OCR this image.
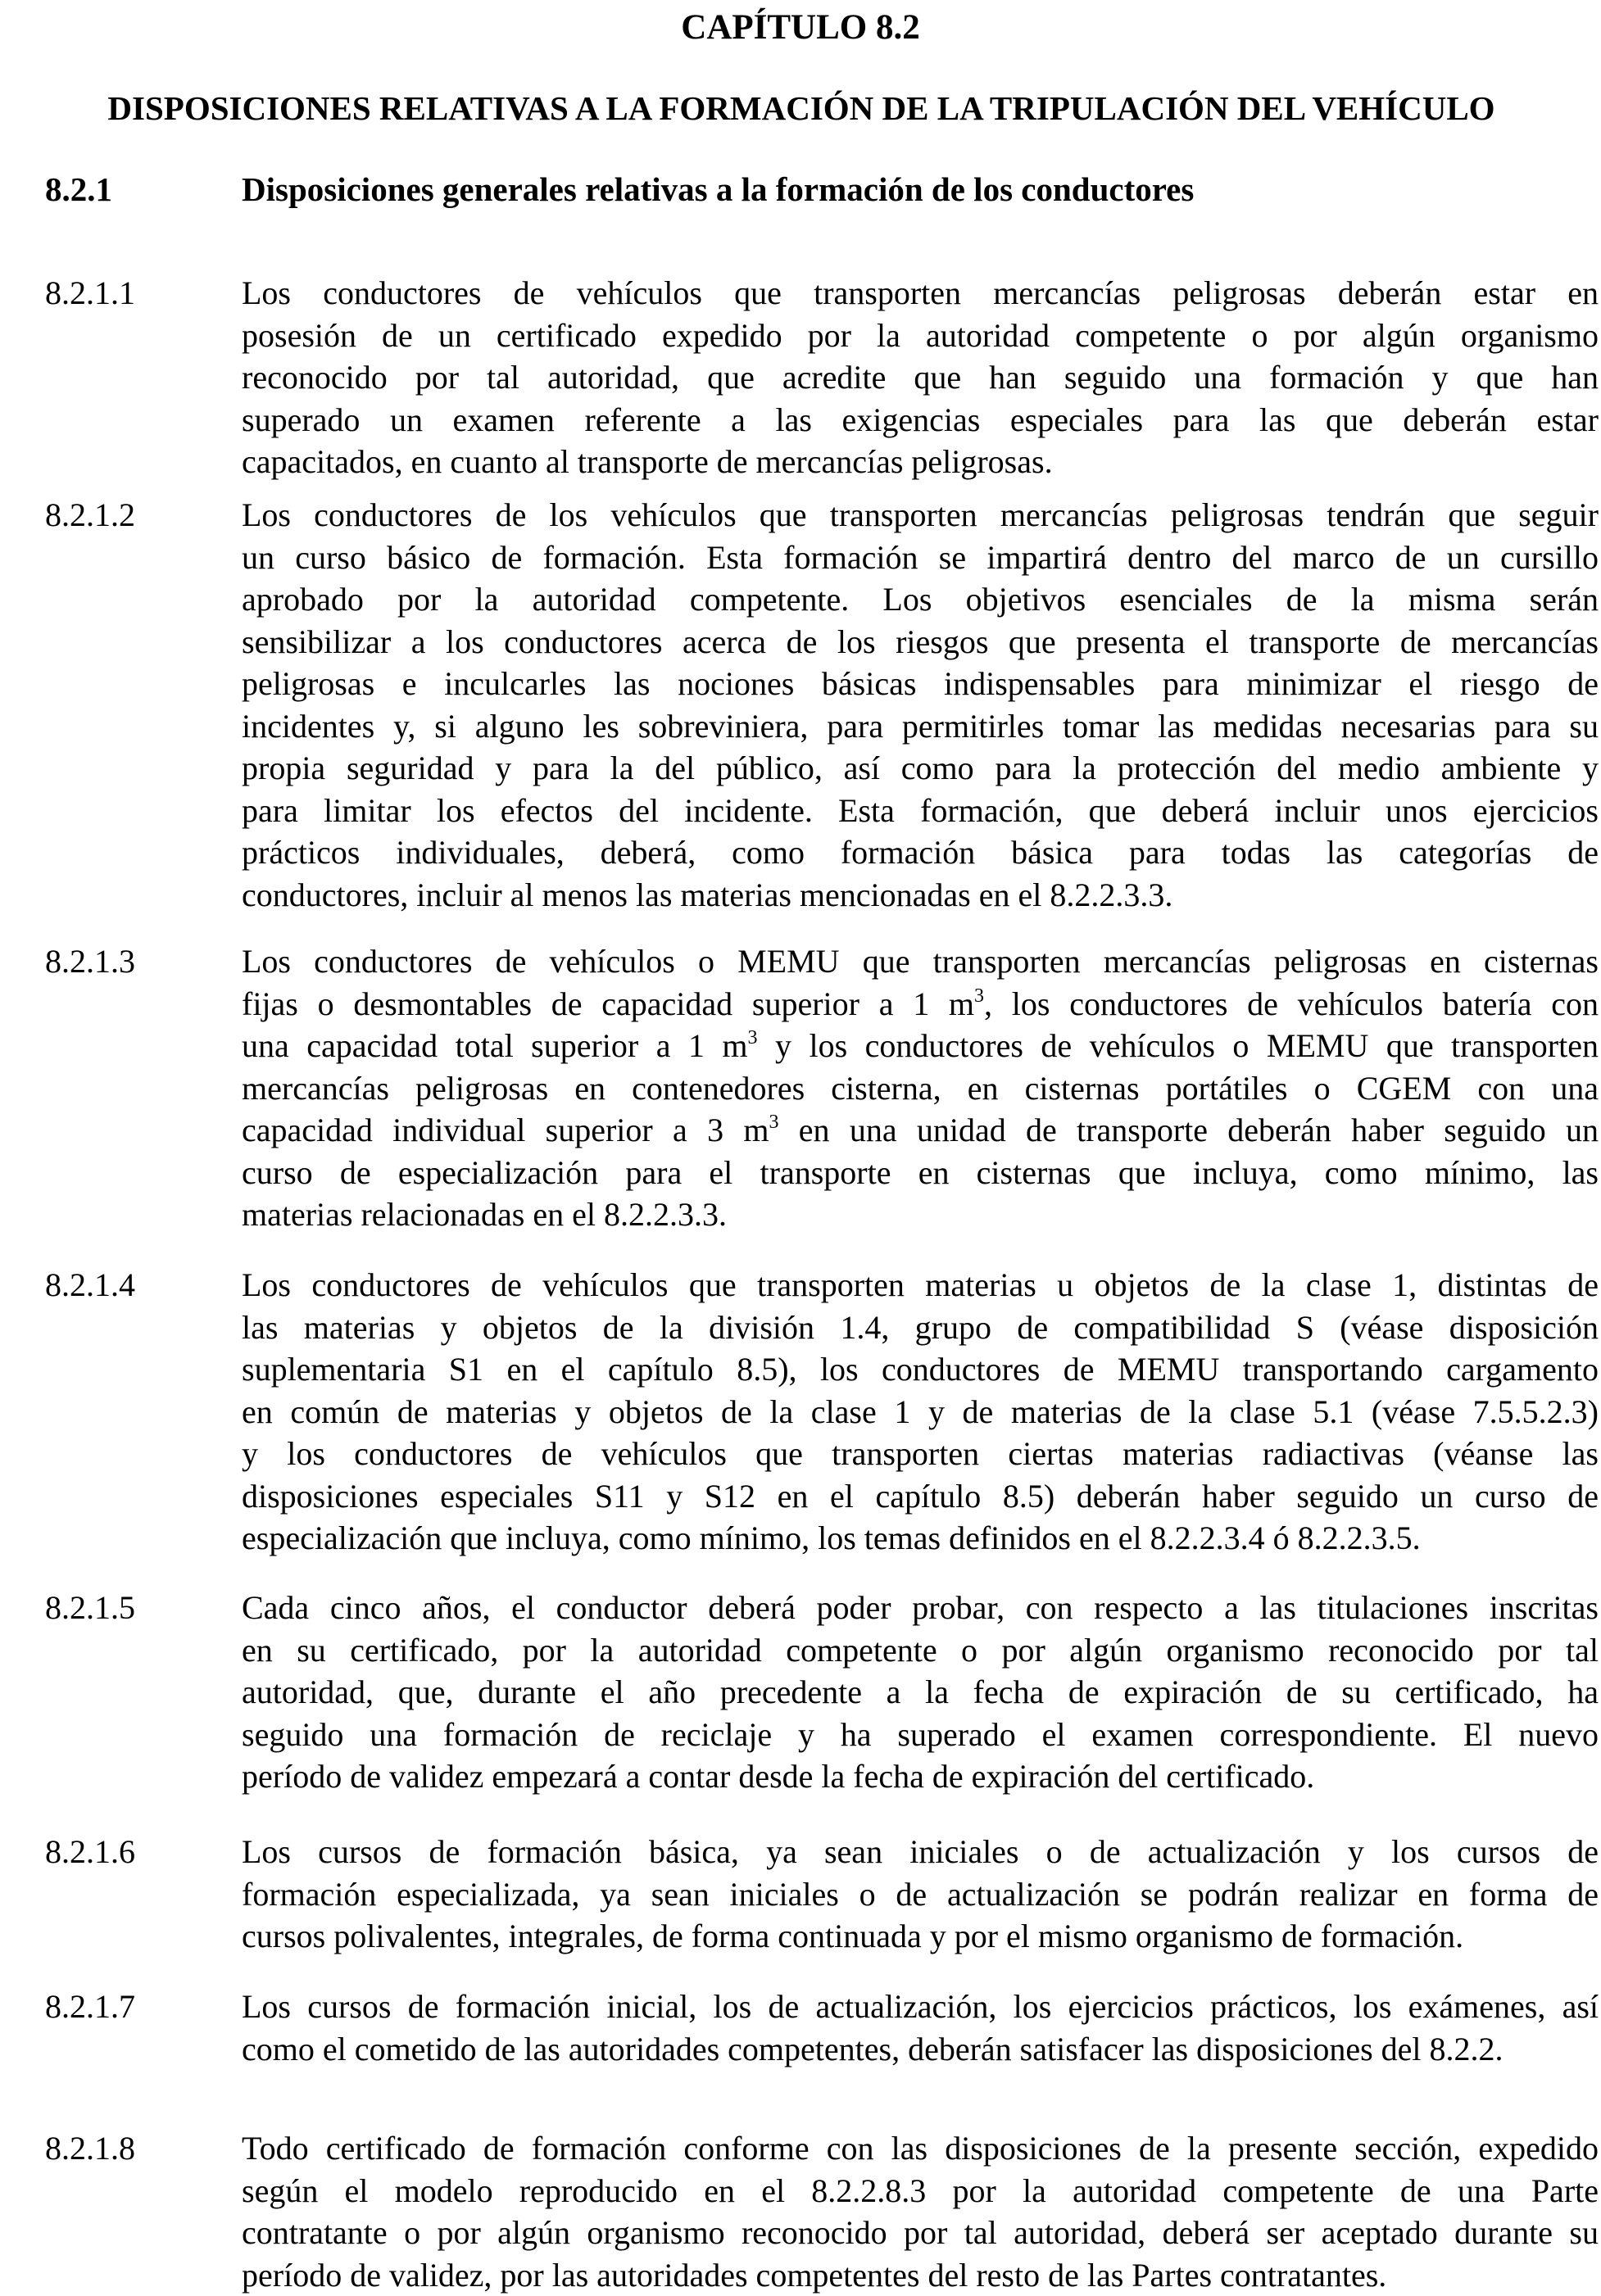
CAPÍTULO 8.2
DISPOSICIONES RELATIVAS A LA FORMACIÓN DE LA TRIPULACIÓN DEL VEHÍCULO
8.2.1	Disposiciones generales relativas a la formación de los conductores
8.2.1.1	Los conductores de vehículos que transporten mercancías peligrosas deberán estar en
posesión de un certificado expedido por la autoridad competente o por algún organismo
reconocido por tal autoridad, que acredite que han seguido una formación y que han
superado un examen referente a las exigencias especiales para las que deberán estar
capacitados, en cuanto al transporte de mercancías peligrosas.
8.2.1.2	Los conductores de los vehículos que transporten mercancías peligrosas tendrán que seguir
un curso básico de formación. Esta formación se impartirá dentro del marco de un cursillo
aprobado por la autoridad competente. Los objetivos esenciales de la misma serán
sensibilizar a los conductores acerca de los riesgos que presenta el transporte de mercancías
peligrosas e inculcarles las nociones básicas indispensables para minimizar el riesgo de
incidentes y, si alguno les sobreviniera, para permitirles tomar las medidas necesarias para su
propia seguridad y para la del público, así como para la protección del medio ambiente y
para limitar los efectos del incidente. Esta formación, que deberá incluir unos ejercicios
prácticos individuales, deberá, como formación básica para todas las categorías de
conductores, incluir al menos las materias mencionadas en el 8.2.2.3.3.
8.2.1.3	Los conductores de vehículos o MEMU que transporten mercancías peligrosas en cisternas
fijas o desmontables de capacidad superior a 1 $m^3$, los conductores de vehículos batería con
una capacidad total superior a 1 $m^3$ y los conductores de vehículos o MEMU que transporten
mercancías peligrosas en contenedores cisterna, en cisternas portátiles o CGEM con una
capacidad individual superior a 3 $m^3$ en una unidad de transporte deberán haber seguido un
curso de especialización para el transporte en cisternas que incluya, como mínimo, las
materias relacionadas en el 8.2.2.3.3.
8.2.1.4	Los conductores de vehículos que transporten materias u objetos de la clase 1, distintas de
las materias y objetos de la división 1.4, grupo de compatibilidad S (véase disposición
suplementaria S1 en el capítulo 8.5), los conductores de MEMU transportando cargamento
en común de materias y objetos de la clase 1 y de materias de la clase 5.1 (véase 7.5.5.2.3)
y los conductores de vehículos que transporten ciertas materias radiactivas (véanse las
disposiciones especiales S11 y S12 en el capítulo 8.5) deberán haber seguido un curso de
especialización que incluya, como mínimo, los temas definidos en el 8.2.2.3.4 ó 8.2.2.3.5.
8.2.1.5	Cada cinco años, el conductor deberá poder probar, con respecto a las titulaciones inscritas
en su certificado, por la autoridad competente o por algún organismo reconocido por tal
autoridad, que, durante el año precedente a la fecha de expiración de su certificado, ha
seguido una formación de reciclaje y ha superado el examen correspondiente. El nuevo
período de validez empezará a contar desde la fecha de expiración del certificado.
8.2.1.6	Los cursos de formación básica, ya sean iniciales o de actualización y los cursos de
formación especializada, ya sean iniciales o de actualización se podrán realizar en forma de
cursos polivalentes, integrales, de forma continuada y por el mismo organismo de formación.
8.2.1.7	Los cursos de formación inicial, los de actualización, los ejercicios prácticos, los exámenes, así
como el cometido de las autoridades competentes, deberán satisfacer las disposiciones del 8.2.2.
8.2.1.8	Todo certificado de formación conforme con las disposiciones de la presente sección, expedido
según el modelo reproducido en el 8.2.2.8.3 por la autoridad competente de una Parte
contratante o por algún organismo reconocido por tal autoridad, deberá ser aceptado durante su
período de validez, por las autoridades competentes del resto de las Partes contratantes.
